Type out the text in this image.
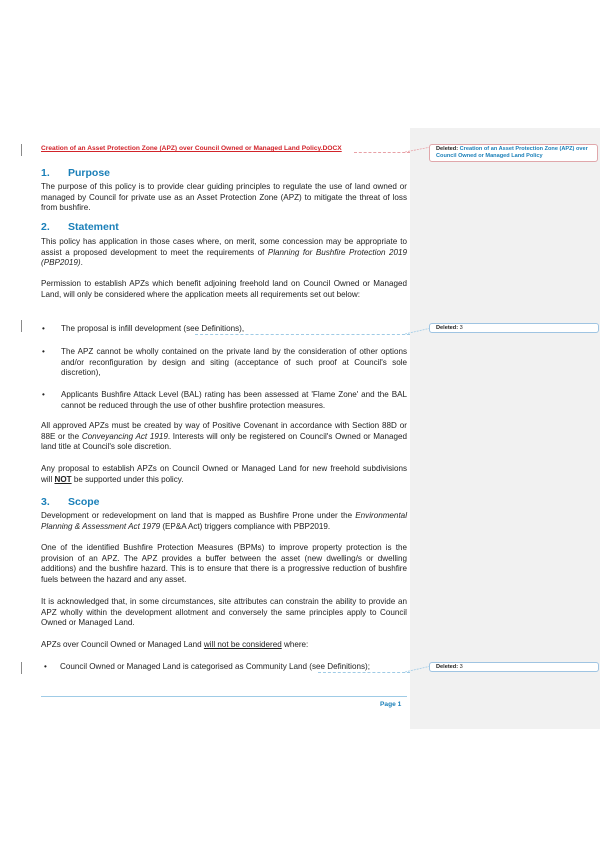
Creation of an Asset Protection Zone (APZ) over Council Owned or Managed Land Policy.DOCX
1. Purpose
The purpose of this policy is to provide clear guiding principles to regulate the use of land owned or managed by Council for private use as an Asset Protection Zone (APZ) to mitigate the threat of loss from bushfire.
2. Statement
This policy has application in those cases where, on merit, some concession may be appropriate to assist a proposed development to meet the requirements of Planning for Bushfire Protection 2019 (PBP2019).
Permission to establish APZs which benefit adjoining freehold land on Council Owned or Managed Land, will only be considered where the application meets all requirements set out below:
•	The proposal is infill development (see Definitions),
•	The APZ cannot be wholly contained on the private land by the consideration of other options and/or reconfiguration by design and siting (acceptance of such proof at Council's sole discretion),
•	Applicants Bushfire Attack Level (BAL) rating has been assessed at 'Flame Zone' and the BAL cannot be reduced through the use of other bushfire protection measures.
All approved APZs must be created by way of Positive Covenant in accordance with Section 88D or 88E or the Conveyancing Act 1919. Interests will only be registered on Council's Owned or Managed land title at Council's sole discretion.
Any proposal to establish APZs on Council Owned or Managed Land for new freehold subdivisions will NOT be supported under this policy.
3. Scope
Development or redevelopment on land that is mapped as Bushfire Prone under the Environmental Planning & Assessment Act 1979 (EP&A Act) triggers compliance with PBP2019.
One of the identified Bushfire Protection Measures (BPMs) to improve property protection is the provision of an APZ. The APZ provides a buffer between the asset (new dwelling/s or dwelling additions) and the bushfire hazard. This is to ensure that there is a progressive reduction of bushfire fuels between the hazard and any asset.
It is acknowledged that, in some circumstances, site attributes can constrain the ability to provide an APZ wholly within the development allotment and conversely the same principles apply to Council Owned or Managed Land.
APZs over Council Owned or Managed Land will not be considered where:
•	Council Owned or Managed Land is categorised as Community Land (see Definitions);
Page 1
Deleted: Creation of an Asset Protection Zone (APZ) over Council Owned or Managed Land Policy
Deleted: 3
Deleted: 3
